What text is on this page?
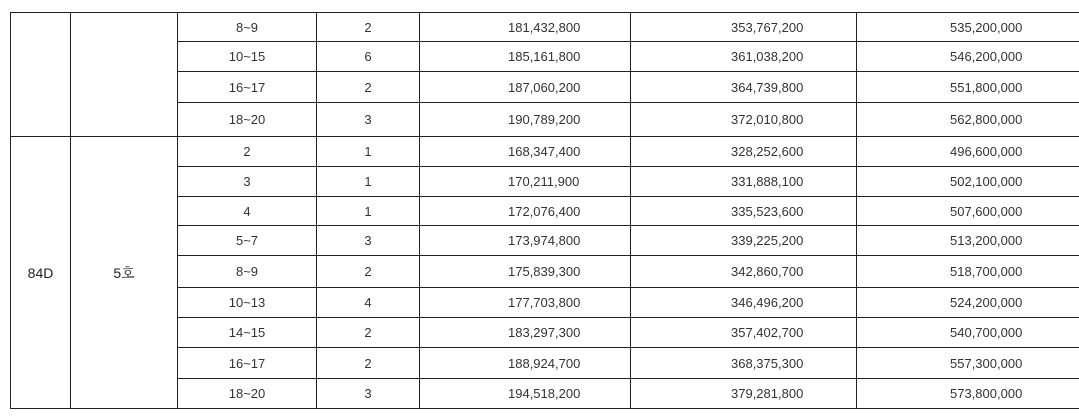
		8~9	2	181,432,800	353,767,200	535,200,000	
		10~15	6	185,161,800	361,038,200	546,200,000	
		16~17	2	187,060,200	364,739,800	551,800,000	
		18~20	3	190,789,200	372,010,800	562,800,000	
84D	5호	2	1	168,347,400	328,252,600	496,600,000	
		3	1	170,211,900	331,888,100	502,100,000	
		4	1	172,076,400	335,523,600	507,600,000	
		5~7	3	173,974,800	339,225,200	513,200,000	
		8~9	2	175,839,300	342,860,700	518,700,000	
		10~13	4	177,703,800	346,496,200	524,200,000	
		14~15	2	183,297,300	357,402,700	540,700,000	
		16~17	2	188,924,700	368,375,300	557,300,000	
		18~20	3	194,518,200	379,281,800	573,800,000	
